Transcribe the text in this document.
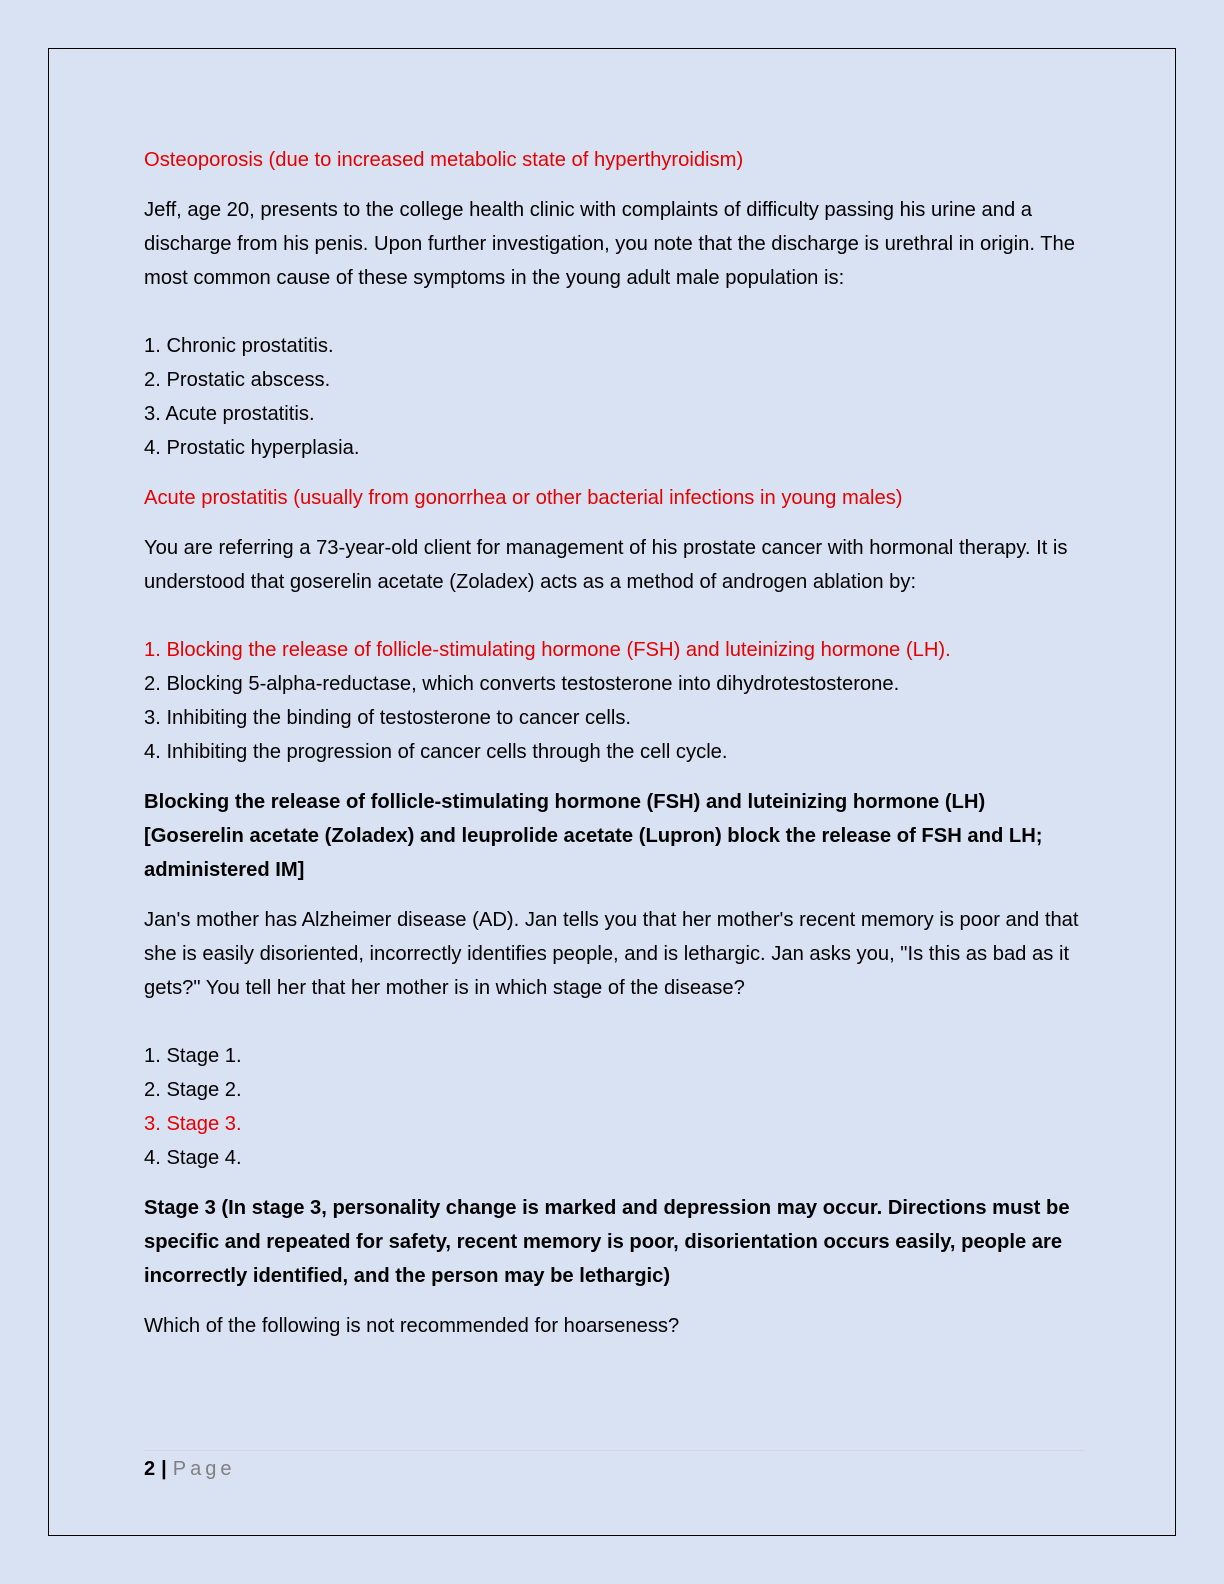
Osteoporosis (due to increased metabolic state of hyperthyroidism)

Jeff, age 20, presents to the college health clinic with complaints of difficulty passing his urine and a discharge from his penis. Upon further investigation, you note that the discharge is urethral in origin. The most common cause of these symptoms in the young adult male population is:

1. Chronic prostatitis.

2. Prostatic abscess.

3. Acute prostatitis.

4. Prostatic hyperplasia.

Acute prostatitis (usually from gonorrhea or other bacterial infections in young males)

You are referring a 73-year-old client for management of his prostate cancer with hormonal therapy. It is understood that goserelin acetate (Zoladex) acts as a method of androgen ablation by:

1. Blocking the release of follicle-stimulating hormone (FSH) and luteinizing hormone (LH).

2. Blocking 5-alpha-reductase, which converts testosterone into dihydrotestosterone.

3. Inhibiting the binding of testosterone to cancer cells.

4. Inhibiting the progression of cancer cells through the cell cycle.

Blocking the release of follicle-stimulating hormone (FSH) and luteinizing hormone (LH) [Goserelin acetate (Zoladex) and leuprolide acetate (Lupron) block the release of FSH and LH; administered IM]

Jan's mother has Alzheimer disease (AD). Jan tells you that her mother's recent memory is poor and that she is easily disoriented, incorrectly identifies people, and is lethargic. Jan asks you, "Is this as bad as it gets?" You tell her that her mother is in which stage of the disease?

1. Stage 1.

2. Stage 2.

3. Stage 3.

4. Stage 4.

Stage 3 (In stage 3, personality change is marked and depression may occur. Directions must be specific and repeated for safety, recent memory is poor, disorientation occurs easily, people are incorrectly identified, and the person may be lethargic)

Which of the following is not recommended for hoarseness?

2 | Page
